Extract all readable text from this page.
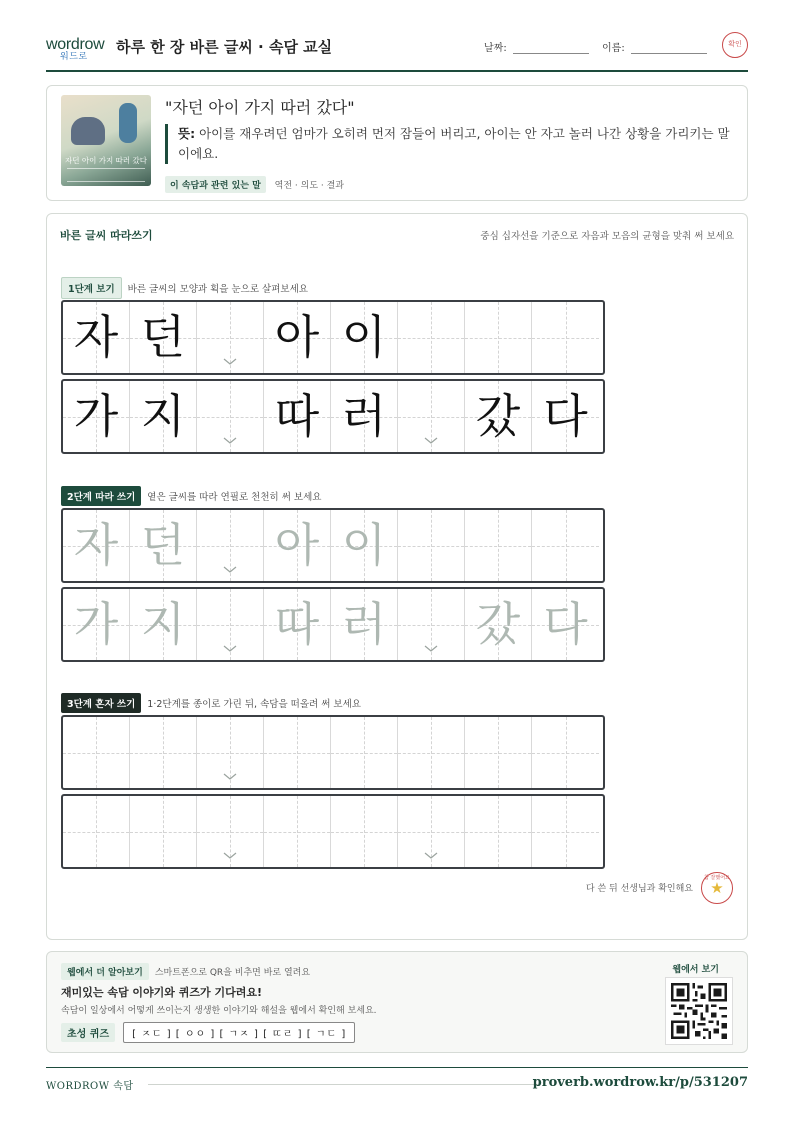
wordrow
워드로 하루 한 장 바른 글씨 · 속담 교실	날짜:	이름:	확인
자던 아이 가지 따러 갔다
"자던 아이 가지 따러 갔다"
뜻: 아이를 재우려던 엄마가 오히려 먼저 잠들어 버리고, 아이는 안 자고 놀러 나간 상황을 가리키는 말이에요.
이 속담과 관련 있는 말 역전 · 의도 · 결과
바른 글씨 따라쓰기	중심 십자선을 기준으로 자음과 모음의 균형을 맞춰 써 보세요
1단계 보기 바른 글씨의 모양과 획을 눈으로 살펴보세요
자 던 아 이
가 지 따 러 갔 다
2단계 따라 쓰기 옅은 글씨를 따라 연필로 천천히 써 보세요
자 던 아 이
가 지 따 러 갔 다
3단계 혼자 쓰기 1·2단계를 종이로 가린 뒤, 속담을 떠올려 써 보세요
다 쓴 뒤 선생님과 확인해요
참 잘했어요
★
웹에서 더 알아보기 스마트폰으로 QR을 비추면 바로 열려요
재미있는 속담 이야기와 퀴즈가 기다려요!
속담이 일상에서 어떻게 쓰이는지 생생한 이야기와 해설을 웹에서 확인해 보세요.
초성 퀴즈 [ ㅈㄷ ] [ ㅇㅇ ] [ ㄱㅈ ] [ ㄸㄹ ] [ ㄱㄷ ]
웹에서 보기
WORDROW 속담	proverb.wordrow.kr/p/531207
